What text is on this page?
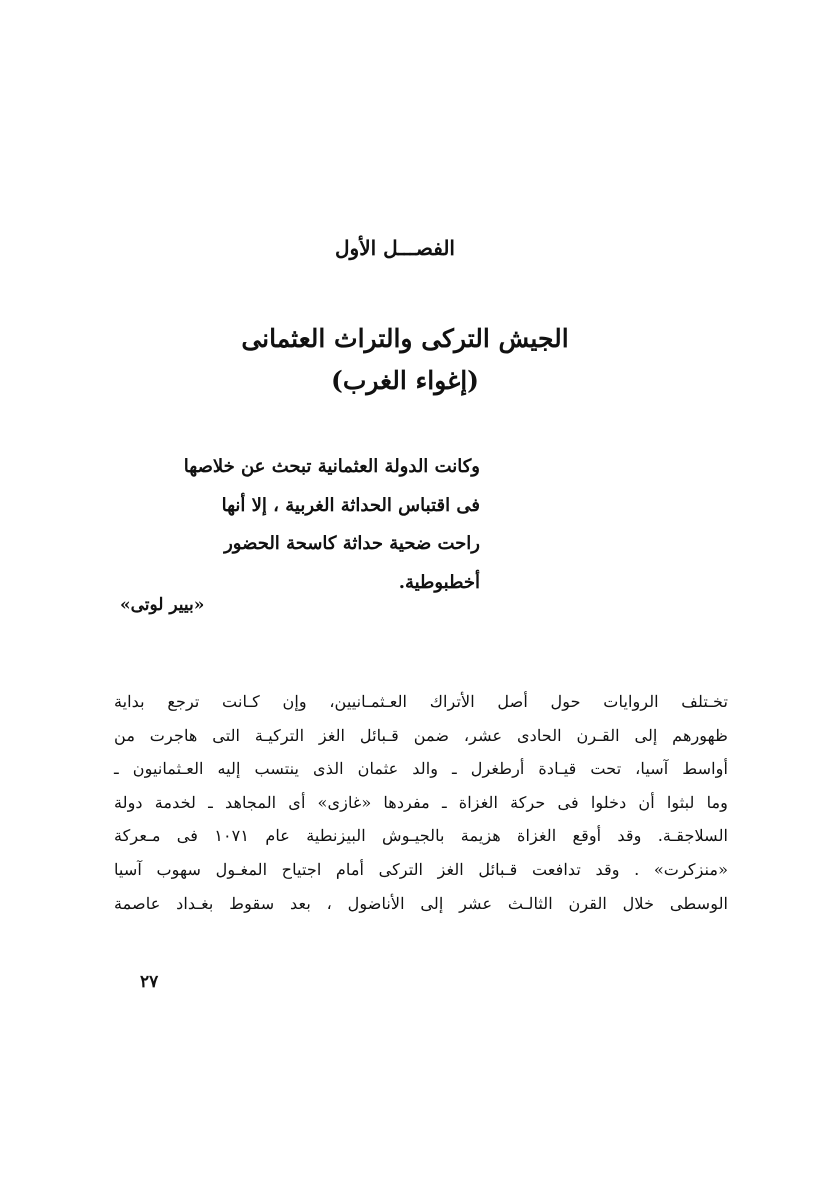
الفصـــل الأول
الجيش التركى والتراث العثمانى
(إغواء الغرب)
وكانت الدولة العثمانية تبحث عن خلاصها
فى اقتباس الحداثة الغربية ، إلا أنها
راحت ضحية حداثة كاسحة الحضور
أخطبوطية.
«بيير لوتى»
تخـتلف الروايات حول أصل الأتراك العـثمـانيين، وإن كـانت ترجع بداية
ظهورهم إلى القـرن الحادى عشر، ضمن قـبائل الغز التركيـة التى هاجرت من
أواسط آسيا، تحت قيـادة أرطغرل ـ والد عثمان الذى ينتسب إليه العـثمانيون ـ
وما لبثوا أن دخلوا فى حركة الغزاة ـ مفردها «غازى» أى المجاهد ـ لخدمة دولة
السلاجقـة. وقد أوقع الغزاة هزيمة بالجيـوش البيزنطية عام ١٠٧١ فى مـعركة
«منزكرت» . وقد تدافعت قـبائل الغز التركى أمام اجتياح المغـول سهوب آسيا
الوسطى خلال القرن الثالـث عشر إلى الأناضول ، بعد سقوط بغـداد عاصمة
٢٧
